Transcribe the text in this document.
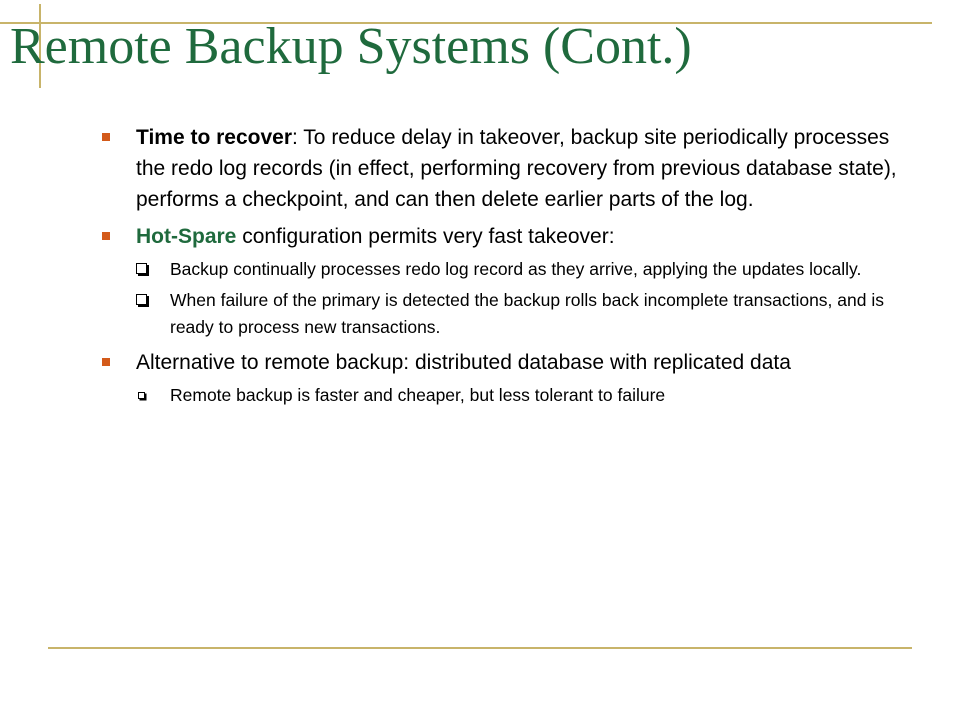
Remote Backup Systems (Cont.)
Time to recover: To reduce delay in takeover, backup site periodically processes the redo log records (in effect, performing recovery from previous database state), performs a checkpoint, and can then delete earlier parts of the log.
Hot-Spare configuration permits very fast takeover:
Backup continually processes redo log record as they arrive, applying the updates locally.
When failure of the primary is detected the backup rolls back incomplete transactions, and is ready to process new transactions.
Alternative to remote backup: distributed database with replicated data
Remote backup is faster and cheaper, but less tolerant to failure
